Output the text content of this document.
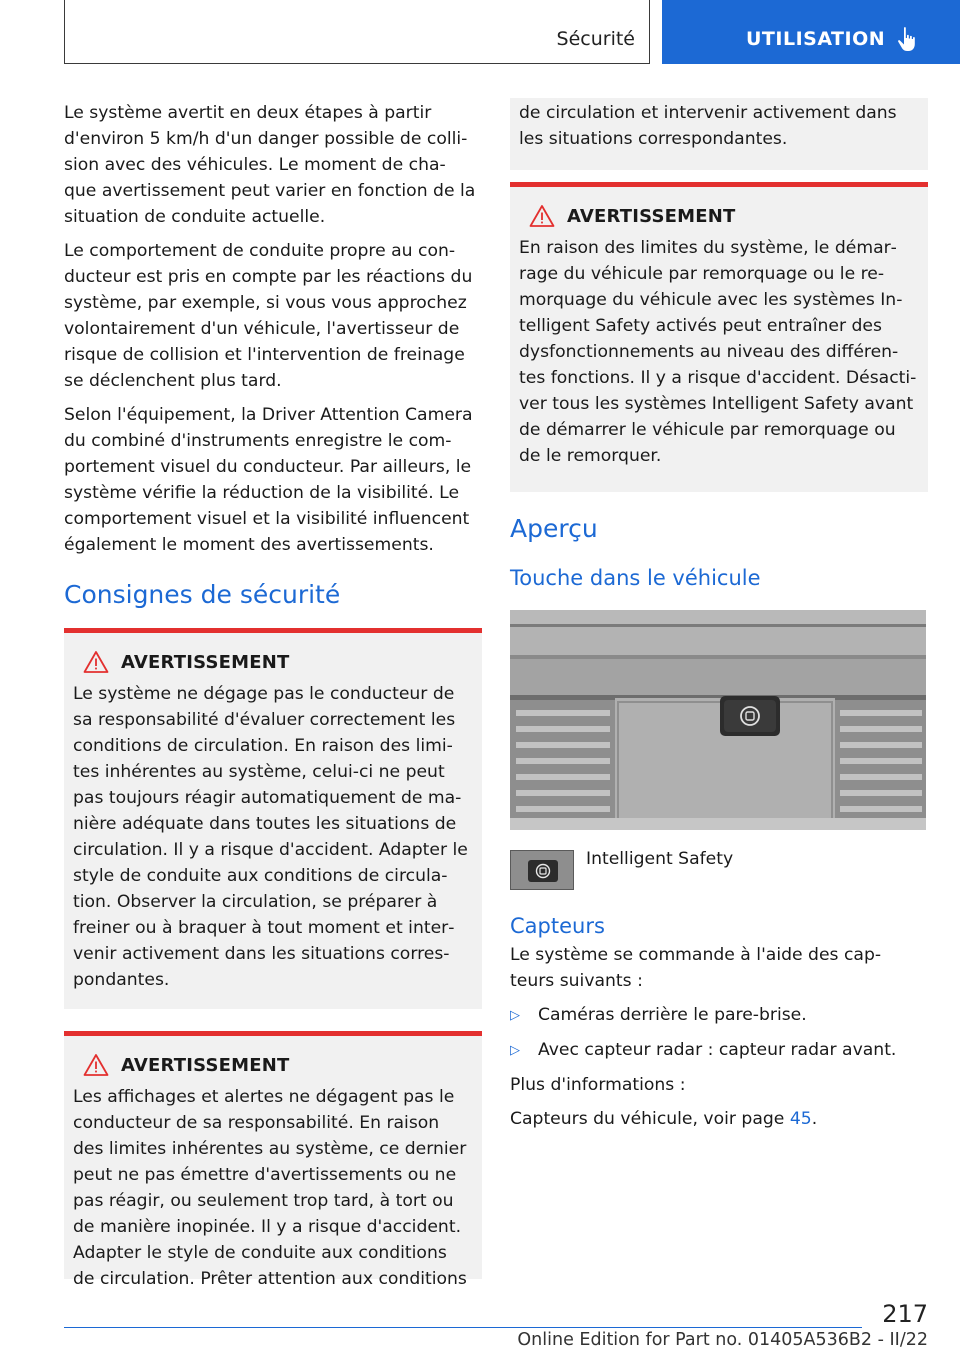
Sécurité	UTILISATION
Le système avertit en deux étapes à partir
d'environ 5 km/h d'un danger possible de colli‐
sion avec des véhicules. Le moment de cha‐
que avertissement peut varier en fonction de la
situation de conduite actuelle.
Le comportement de conduite propre au con‐
ducteur est pris en compte par les réactions du
système, par exemple, si vous vous approchez
volontairement d'un véhicule, l'avertisseur de
risque de collision et l'intervention de freinage
se déclenchent plus tard.
Selon l'équipement, la Driver Attention Camera
du combiné d'instruments enregistre le com‐
portement visuel du conducteur. Par ailleurs, le
système vérifie la réduction de la visibilité. Le
comportement visuel et la visibilité influencent
également le moment des avertissements.
Consignes de sécurité
AVERTISSEMENT
Le système ne dégage pas le conducteur de
sa responsabilité d'évaluer correctement les
conditions de circulation. En raison des limi‐
tes inhérentes au système, celui-ci ne peut
pas toujours réagir automatiquement de ma‐
nière adéquate dans toutes les situations de
circulation. Il y a risque d'accident. Adapter le
style de conduite aux conditions de circula‐
tion. Observer la circulation, se préparer à
freiner ou à braquer à tout moment et inter‐
venir activement dans les situations corres‐
pondantes.
AVERTISSEMENT
Les affichages et alertes ne dégagent pas le
conducteur de sa responsabilité. En raison
des limites inhérentes au système, ce dernier
peut ne pas émettre d'avertissements ou ne
pas réagir, ou seulement trop tard, à tort ou
de manière inopinée. Il y a risque d'accident.
Adapter le style de conduite aux conditions
de circulation. Prêter attention aux conditions
de circulation et intervenir activement dans
les situations correspondantes.
AVERTISSEMENT
En raison des limites du système, le démar‐
rage du véhicule par remorquage ou le re‐
morquage du véhicule avec les systèmes In‐
telligent Safety activés peut entraîner des
dysfonctionnements au niveau des différen‐
tes fonctions. Il y a risque d'accident. Désacti‐
ver tous les systèmes Intelligent Safety avant
de démarrer le véhicule par remorquage ou
de le remorquer.
Aperçu
Touche dans le véhicule
Intelligent Safety
Capteurs
Le système se commande à l'aide des cap‐
teurs suivants :
▷	Caméras derrière le pare-brise.
▷	Avec capteur radar : capteur radar avant.
Plus d'informations :
Capteurs du véhicule, voir page 45.
217
Online Edition for Part no. 01405A536B2 - II/22
